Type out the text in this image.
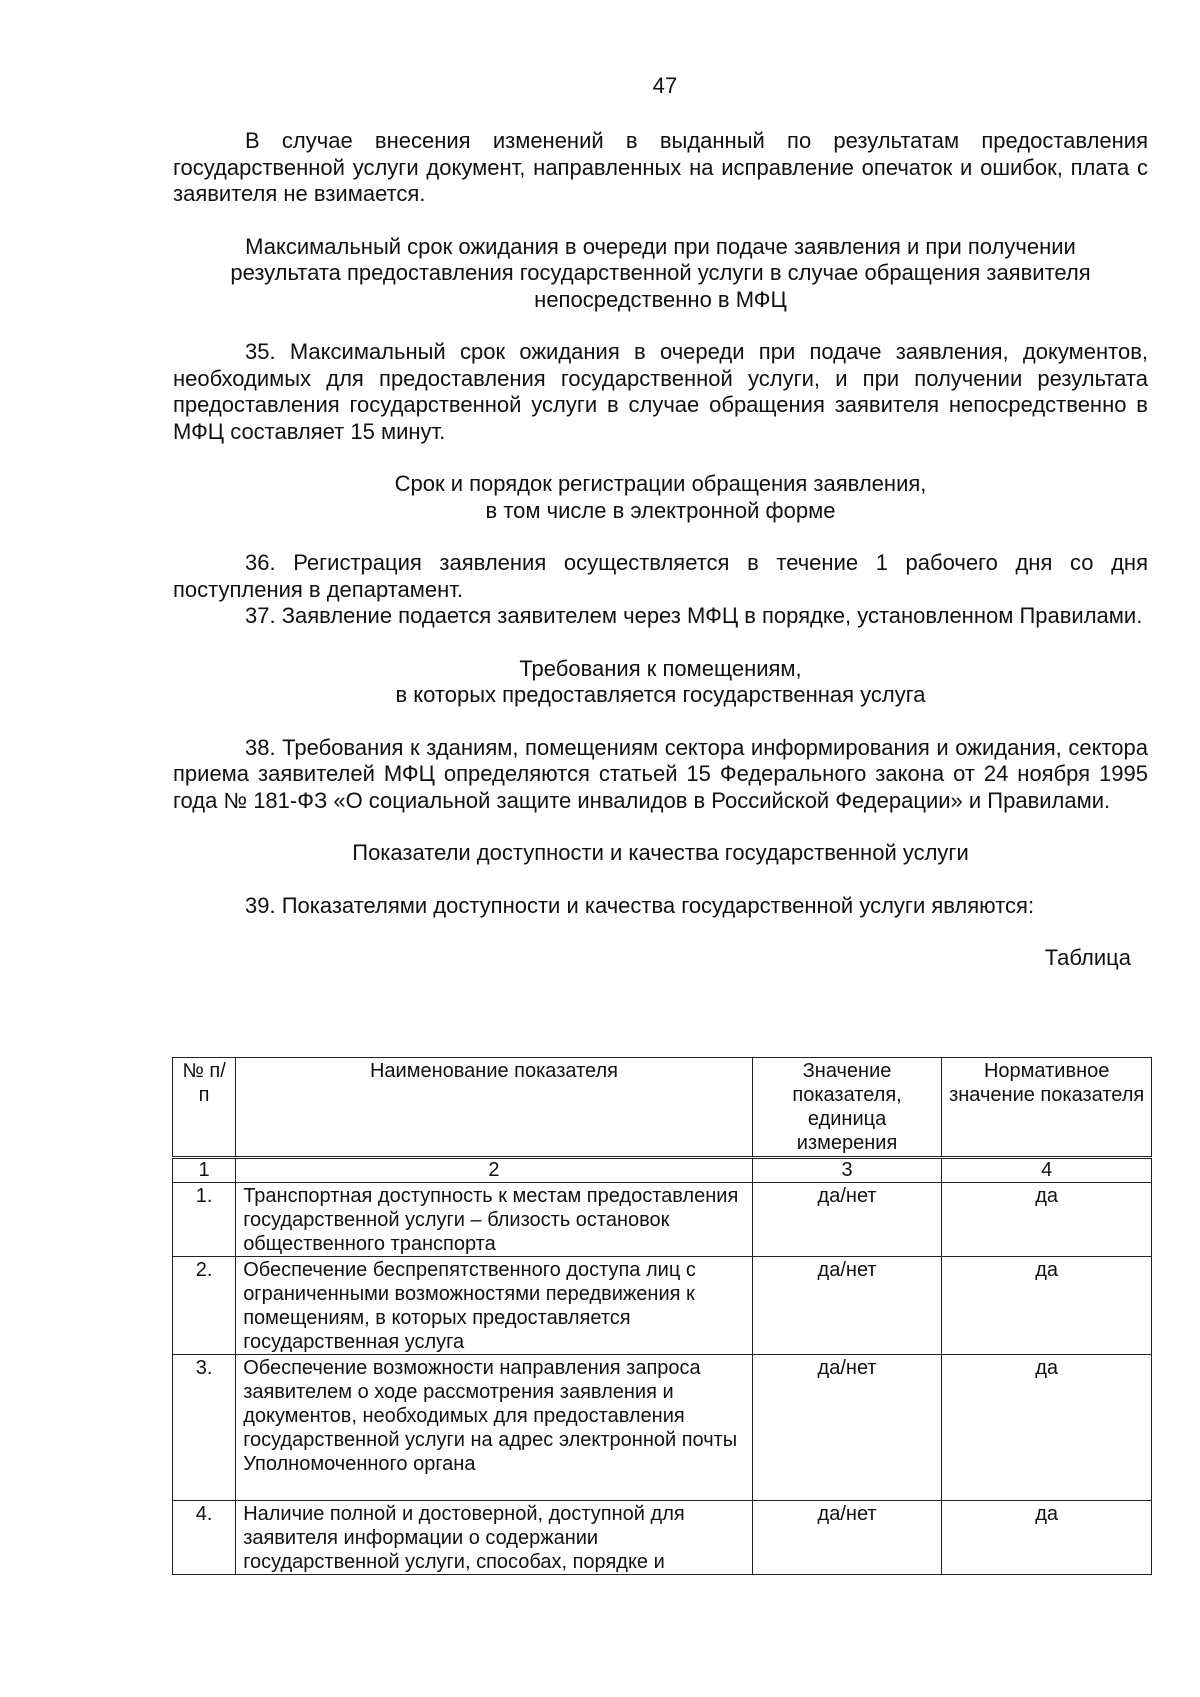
47

В случае внесения изменений в выданный по результатам предоставления государственной услуги документ, направленных на исправление опечаток и ошибок, плата с заявителя не взимается.

Максимальный срок ожидания в очереди при подаче заявления и при получении
результата предоставления государственной услуги в случае обращения заявителя
непосредственно в МФЦ

35. Максимальный срок ожидания в очереди при подаче заявления, документов, необходимых для предоставления государственной услуги, и при получении результата предоставления государственной услуги в случае обращения заявителя непосредственно в МФЦ составляет 15 минут.

Срок и порядок регистрации обращения заявления,
в том числе в электронной форме

36. Регистрация заявления осуществляется в течение 1 рабочего дня со дня поступления в департамент.

37. Заявление подается заявителем через МФЦ в порядке, установленном Правилами.

Требования к помещениям,
в которых предоставляется государственная услуга

38. Требования к зданиям, помещениям сектора информирования и ожидания, сектора приема заявителей МФЦ определяются статьей 15 Федерального закона от 24 ноября 1995 года № 181-ФЗ «О социальной защите инвалидов в Российской Федерации» и Правилами.

Показатели доступности и качества государственной услуги

39. Показателями доступности и качества государственной услуги являются:

Таблица

№ п/п	Наименование показателя	Значение показателя, единица измерения	Нормативное значение показателя
1	2	3	4
1.	Транспортная доступность к местам предоставления государственной услуги – близость остановок общественного транспорта	да/нет	да
2.	Обеспечение беспрепятственного доступа лиц с ограниченными возможностями передвижения к помещениям, в которых предоставляется государственная услуга	да/нет	да
3.	Обеспечение возможности направления запроса заявителем о ходе рассмотрения заявления и документов, необходимых для предоставления государственной услуги на адрес электронной почты Уполномоченного органа	да/нет	да
4.	Наличие полной и достоверной, доступной для заявителя информации о содержании государственной услуги, способах, порядке и	да/нет	да
